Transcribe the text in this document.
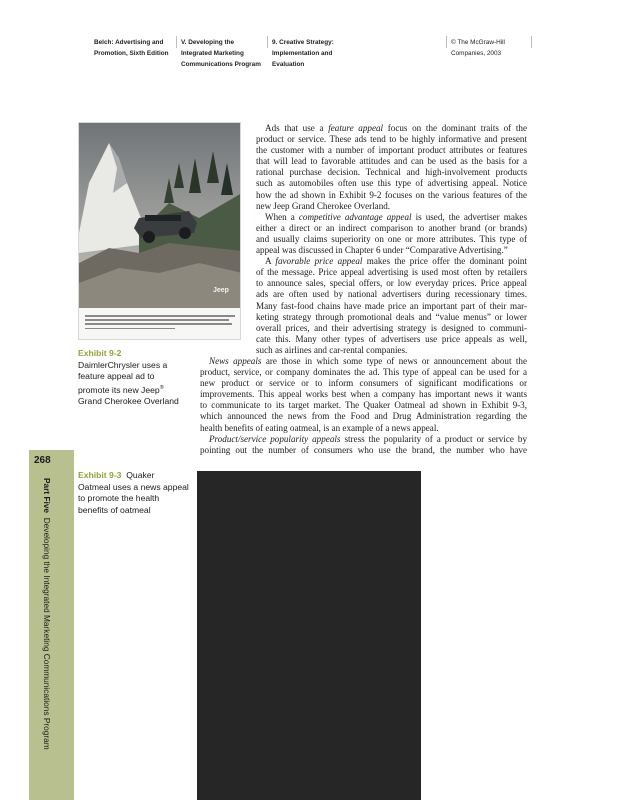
Belch: Advertising and
Promotion, Sixth Edition
V. Developing the
Integrated Marketing
Communications Program
9. Creative Strategy:
Implementation and
Evaluation
© The McGraw-Hill
Companies, 2003
268
Part Five  Developing the Integrated Marketing Communications Program
Jeep
Exhibit 9-2
DaimlerChrysler uses a
feature appeal ad to
promote its new Jeep®
Grand Cherokee Overland
Exhibit 9-3 Quaker
Oatmeal uses a news appeal
to promote the health
benefits of oatmeal
Ads that use a feature appeal focus on the dominant traits of the
product or service. These ads tend to be highly informative and present
the customer with a number of important product attributes or features
that will lead to favorable attitudes and can be used as the basis for a
rational purchase decision. Technical and high-involvement products
such as automobiles often use this type of advertising appeal. Notice
how the ad shown in Exhibit 9-2 focuses on the various features of the
new Jeep Grand Cherokee Overland.
When a competitive advantage appeal is used, the advertiser makes
either a direct or an indirect comparison to another brand (or brands)
and usually claims superiority on one or more attributes. This type of
appeal was discussed in Chapter 6 under “Comparative Advertising.”
A favorable price appeal makes the price offer the dominant point
of the message. Price appeal advertising is used most often by retailers
to announce sales, special offers, or low everyday prices. Price appeal
ads are often used by national advertisers during recessionary times.
Many fast-food chains have made price an important part of their mar-
keting strategy through promotional deals and “value menus” or lower
overall prices, and their advertising strategy is designed to communi-
cate this. Many other types of advertisers use price appeals as well,
such as airlines and car-rental companies.
News appeals are those in which some type of news or announcement about the
product, service, or company dominates the ad. This type of appeal can be used for a
new product or service or to inform consumers of significant modifications or
improvements. This appeal works best when a company has important news it wants
to communicate to its target market. The Quaker Oatmeal ad shown in Exhibit 9-3,
which announced the news from the Food and Drug Administration regarding the
health benefits of eating oatmeal, is an example of a news appeal.
Product/service popularity appeals stress the popularity of a product or service by
pointing out the number of consumers who use the brand, the number who have
